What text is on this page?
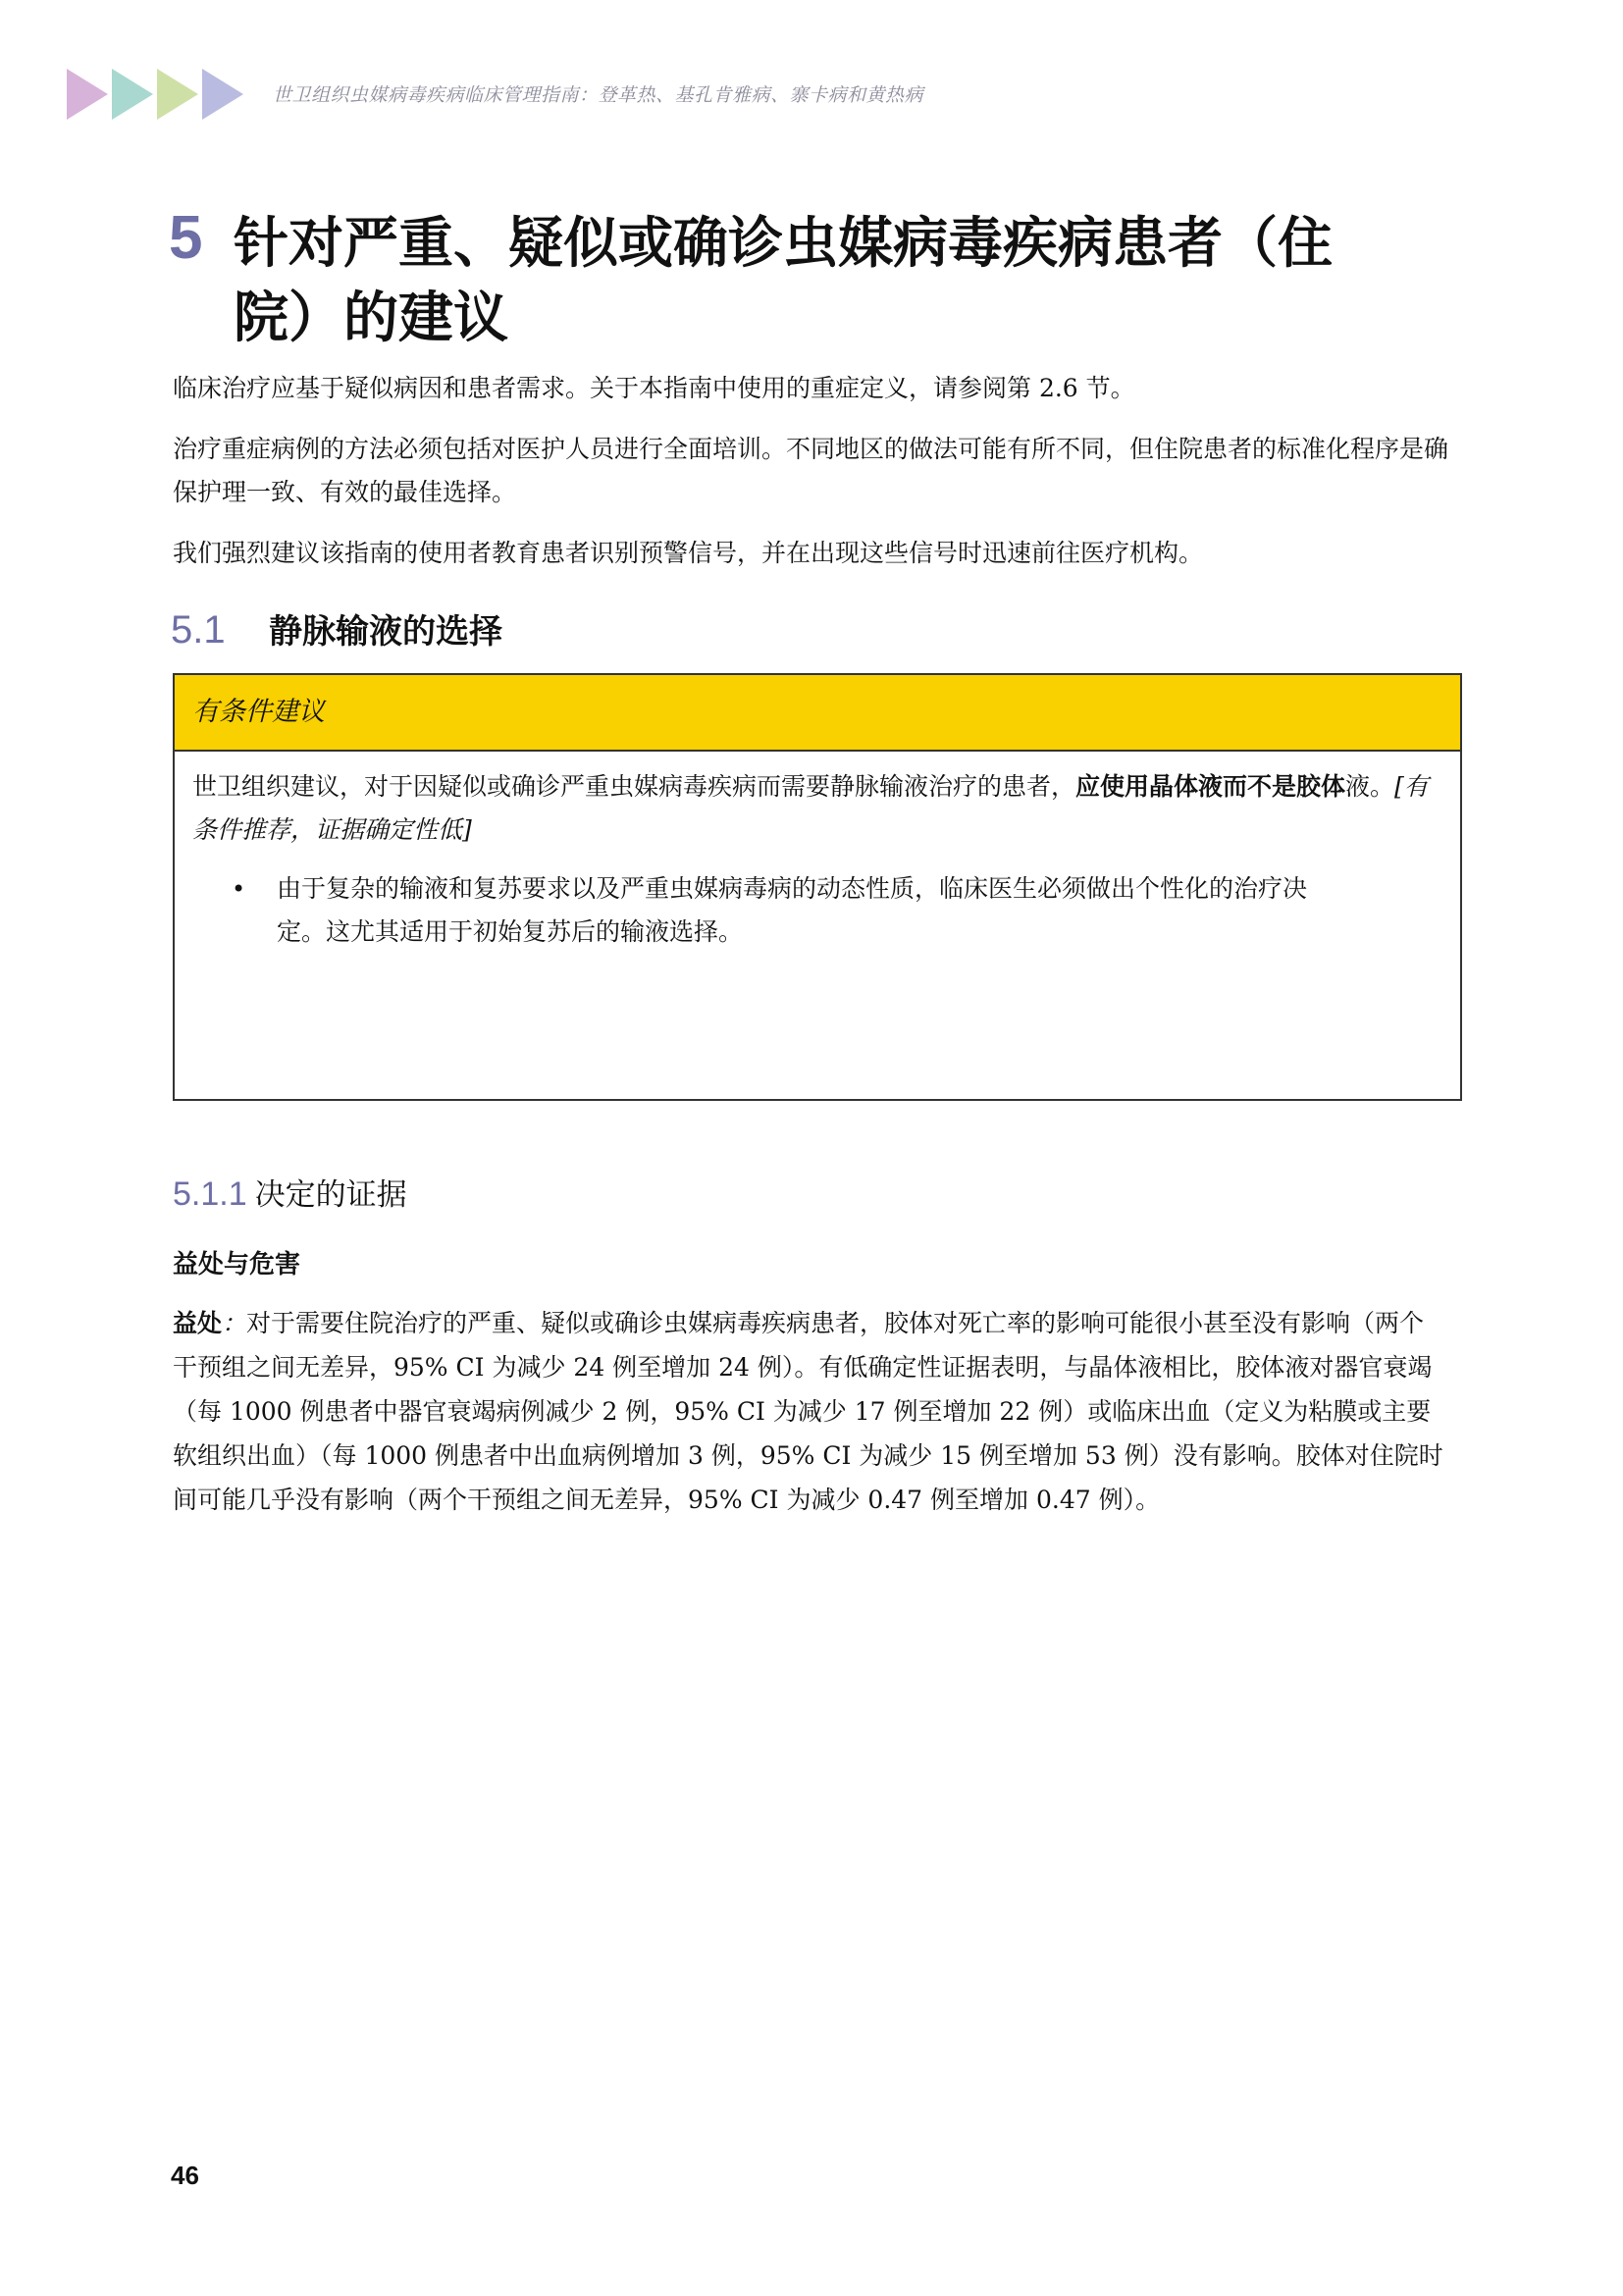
世卫组织虫媒病毒疾病临床管理指南：登革热、基孔肯雅病、寨卡病和黄热病
5 针对严重、疑似或确诊虫媒病毒疾病患者（住院）的建议
临床治疗应基于疑似病因和患者需求。关于本指南中使用的重症定义，请参阅第 2.6 节。
治疗重症病例的方法必须包括对医护人员进行全面培训。不同地区的做法可能有所不同，但住院患者的标准化程序是确保护理一致、有效的最佳选择。
我们强烈建议该指南的使用者教育患者识别预警信号，并在出现这些信号时迅速前往医疗机构。
5.1	静脉输液的选择
有条件建议
世卫组织建议，对于因疑似或确诊严重虫媒病毒疾病而需要静脉输液治疗的患者，应使用晶体液而不是胶体液。[有条件推荐，证据确定性低]
•	由于复杂的输液和复苏要求以及严重虫媒病毒病的动态性质，临床医生必须做出个性化的治疗决定。这尤其适用于初始复苏后的输液选择。
5.1.1 决定的证据
益处与危害
益处：对于需要住院治疗的严重、疑似或确诊虫媒病毒疾病患者，胶体对死亡率的影响可能很小甚至没有影响（两个干预组之间无差异，95% CI 为减少 24 例至增加 24 例）。有低确定性证据表明，与晶体液相比，胶体液对器官衰竭（每 1000 例患者中器官衰竭病例减少 2 例，95% CI 为减少 17 例至增加 22 例）或临床出血（定义为粘膜或主要软组织出血）（每 1000 例患者中出血病例增加 3 例，95% CI 为减少 15 例至增加 53 例）没有影响。胶体对住院时间可能几乎没有影响（两个干预组之间无差异，95% CI 为减少 0.47 例至增加 0.47 例）。
46
